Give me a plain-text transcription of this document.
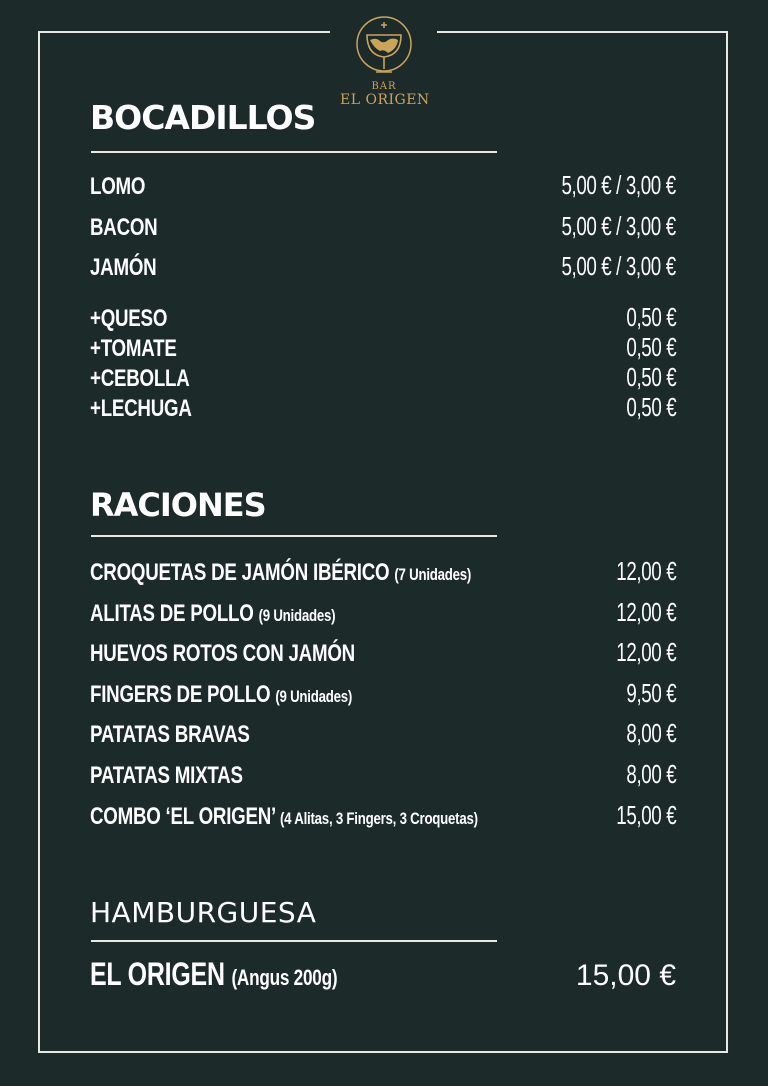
BAR
EL ORIGEN
BOCADILLOS
LOMO	5,00 € / 3,00 €
BACON	5,00 € / 3,00 €
JAMÓN	5,00 € / 3,00 €
+QUESO	0,50 €
+TOMATE	0,50 €
+CEBOLLA	0,50 €
+LECHUGA	0,50 €
RACIONES
CROQUETAS DE JAMÓN IBÉRICO (7 Unidades)	12,00 €
ALITAS DE POLLO (9 Unidades)	12,00 €
HUEVOS ROTOS CON JAMÓN	12,00 €
FINGERS DE POLLO (9 Unidades)	9,50 €
PATATAS BRAVAS	8,00 €
PATATAS MIXTAS	8,00 €
COMBO ‘EL ORIGEN’ (4 Alitas, 3 Fingers, 3 Croquetas)	15,00 €
HAMBURGUESA
EL ORIGEN (Angus 200g)	15,00 €
